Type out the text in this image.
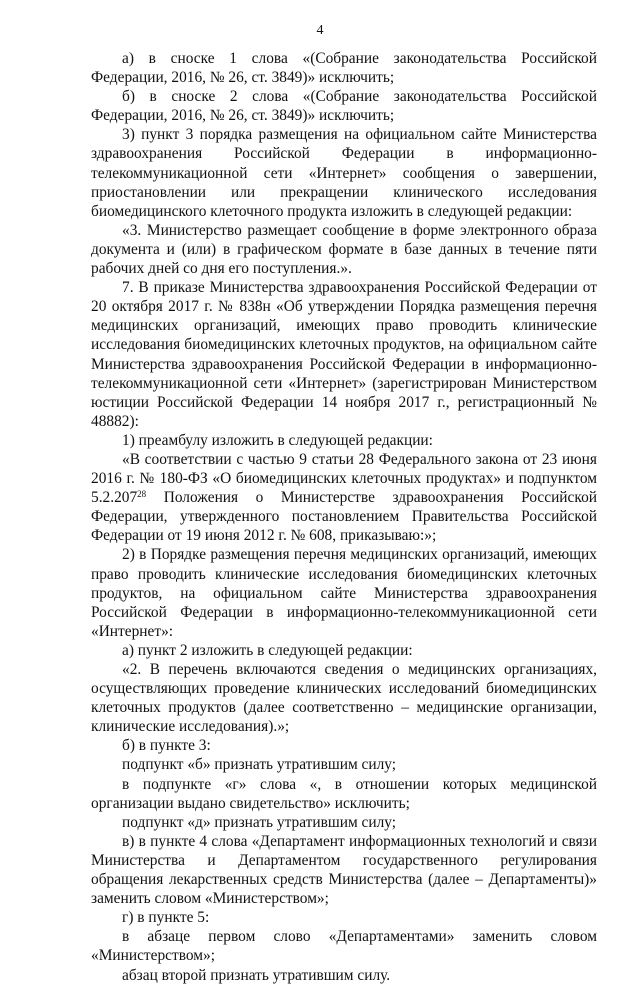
4

а) в сноске 1 слова «(Собрание законодательства Российской Федерации, 2016, № 26, ст. 3849)» исключить;

б) в сноске 2 слова «(Собрание законодательства Российской Федерации, 2016, № 26, ст. 3849)» исключить;

3) пункт 3 порядка размещения на официальном сайте Министерства здравоохранения Российской Федерации в информационно-телекоммуникационной сети «Интернет» сообщения о завершении, приостановлении или прекращении клинического исследования биомедицинского клеточного продукта изложить в следующей редакции:

«3. Министерство размещает сообщение в форме электронного образа документа и (или) в графическом формате в базе данных в течение пяти рабочих дней со дня его поступления.».

7. В приказе Министерства здравоохранения Российской Федерации от 20 октября 2017 г. № 838н «Об утверждении Порядка размещения перечня медицинских организаций, имеющих право проводить клинические исследования биомедицинских клеточных продуктов, на официальном сайте Министерства здравоохранения Российской Федерации в информационно-телекоммуникационной сети «Интернет» (зарегистрирован Министерством юстиции Российской Федерации 14 ноября 2017 г., регистрационный № 48882):

1) преамбулу изложить в следующей редакции:

«В соответствии с частью 9 статьи 28 Федерального закона от 23 июня 2016 г. № 180-ФЗ «О биомедицинских клеточных продуктах» и подпунктом 5.2.207$^{28}$ Положения о Министерстве здравоохранения Российской Федерации, утвержденного постановлением Правительства Российской Федерации от 19 июня 2012 г. № 608, приказываю:»;

2) в Порядке размещения перечня медицинских организаций, имеющих право проводить клинические исследования биомедицинских клеточных продуктов, на официальном сайте Министерства здравоохранения Российской Федерации в информационно-телекоммуникационной сети «Интернет»:

а) пункт 2 изложить в следующей редакции:

«2. В перечень включаются сведения о медицинских организациях, осуществляющих проведение клинических исследований биомедицинских клеточных продуктов (далее соответственно – медицинские организации, клинические исследования).»;

б) в пункте 3:

подпункт «б» признать утратившим силу;

в подпункте «г» слова «, в отношении которых медицинской организации выдано свидетельство» исключить;

подпункт «д» признать утратившим силу;

в) в пункте 4 слова «Департамент информационных технологий и связи Министерства и Департаментом государственного регулирования обращения лекарственных средств Министерства (далее – Департаменты)» заменить словом «Министерством»;

г) в пункте 5:

в абзаце первом слово «Департаментами» заменить словом «Министерством»;

абзац второй признать утратившим силу.
